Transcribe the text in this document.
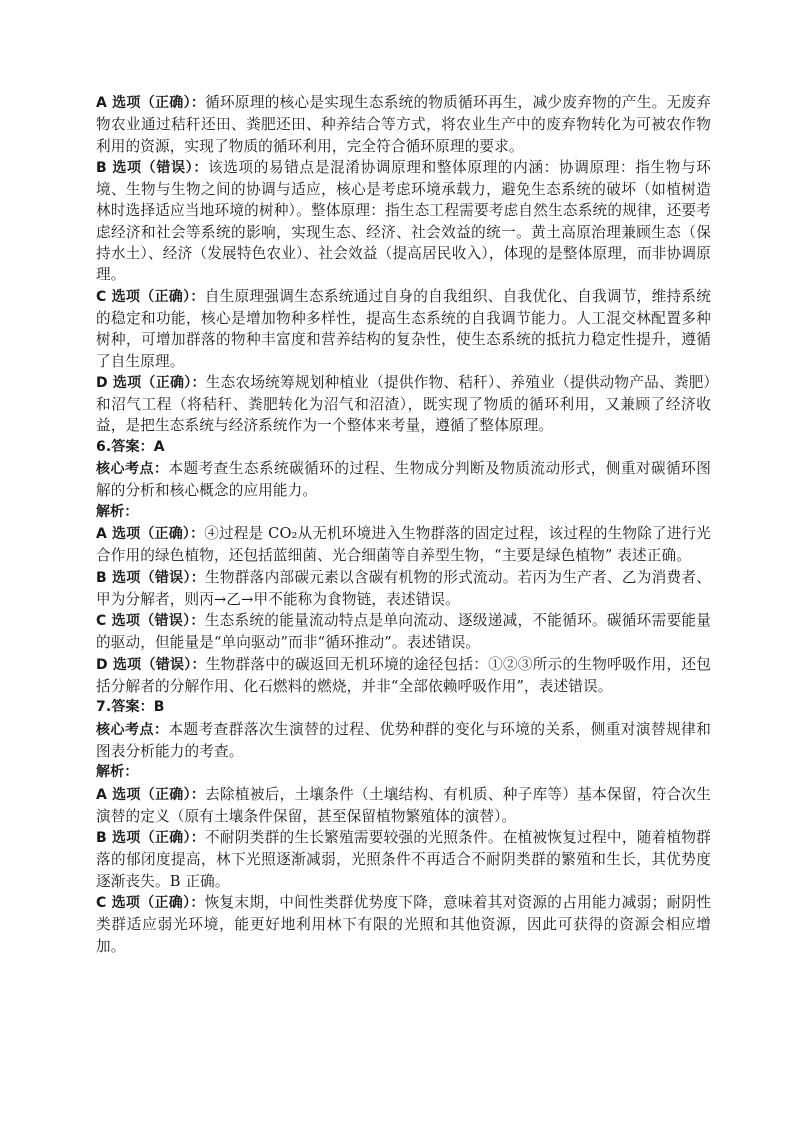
A 选项（正确）：循环原理的核心是实现生态系统的物质循环再生，减少废弃物的产生。无废弃物农业通过秸秆还田、粪肥还田、种养结合等方式，将农业生产中的废弃物转化为可被农作物利用的资源，实现了物质的循环利用，完全符合循环原理的要求。

B 选项（错误）：该选项的易错点是混淆协调原理和整体原理的内涵：协调原理：指生物与环境、生物与生物之间的协调与适应，核心是考虑环境承载力，避免生态系统的破坏（如植树造林时选择适应当地环境的树种）。整体原理：指生态工程需要考虑自然生态系统的规律，还要考虑经济和社会等系统的影响，实现生态、经济、社会效益的统一。黄土高原治理兼顾生态（保持水土）、经济（发展特色农业）、社会效益（提高居民收入），体现的是整体原理，而非协调原理。

C 选项（正确）：自生原理强调生态系统通过自身的自我组织、自我优化、自我调节，维持系统的稳定和功能，核心是增加物种多样性，提高生态系统的自我调节能力。人工混交林配置多种树种，可增加群落的物种丰富度和营养结构的复杂性，使生态系统的抵抗力稳定性提升，遵循了自生原理。

D 选项（正确）：生态农场统筹规划种植业（提供作物、秸秆）、养殖业（提供动物产品、粪肥）和沼气工程（将秸秆、粪肥转化为沼气和沼渣），既实现了物质的循环利用，又兼顾了经济收益，是把生态系统与经济系统作为一个整体来考量，遵循了整体原理。

6.答案：A

核心考点：本题考查生态系统碳循环的过程、生物成分判断及物质流动形式，侧重对碳循环图解的分析和核心概念的应用能力。

解析：

A 选项（正确）：④过程是 CO₂从无机环境进入生物群落的固定过程，该过程的生物除了进行光合作用的绿色植物，还包括蓝细菌、光合细菌等自养型生物，“主要是绿色植物” 表述正确。

B 选项（错误）：生物群落内部碳元素以含碳有机物的形式流动。若丙为生产者、乙为消费者、甲为分解者，则丙→乙→甲不能称为食物链，表述错误。

C 选项（错误）：生态系统的能量流动特点是单向流动、逐级递减，不能循环。碳循环需要能量的驱动，但能量是“单向驱动”而非“循环推动”。表述错误。

D 选项（错误）：生物群落中的碳返回无机环境的途径包括：①②③所示的生物呼吸作用，还包括分解者的分解作用、化石燃料的燃烧，并非“全部依赖呼吸作用”，表述错误。

7.答案：B

核心考点：本题考查群落次生演替的过程、优势种群的变化与环境的关系，侧重对演替规律和图表分析能力的考查。

解析：

A 选项（正确）：去除植被后，土壤条件（土壤结构、有机质、种子库等）基本保留，符合次生演替的定义（原有土壤条件保留，甚至保留植物繁殖体的演替）。

B 选项（正确）：不耐阴类群的生长繁殖需要较强的光照条件。在植被恢复过程中，随着植物群落的郁闭度提高，林下光照逐渐减弱，光照条件不再适合不耐阴类群的繁殖和生长，其优势度逐渐丧失。B 正确。

C 选项（正确）：恢复末期，中间性类群优势度下降，意味着其对资源的占用能力减弱；耐阴性类群适应弱光环境，能更好地利用林下有限的光照和其他资源，因此可获得的资源会相应增加。
